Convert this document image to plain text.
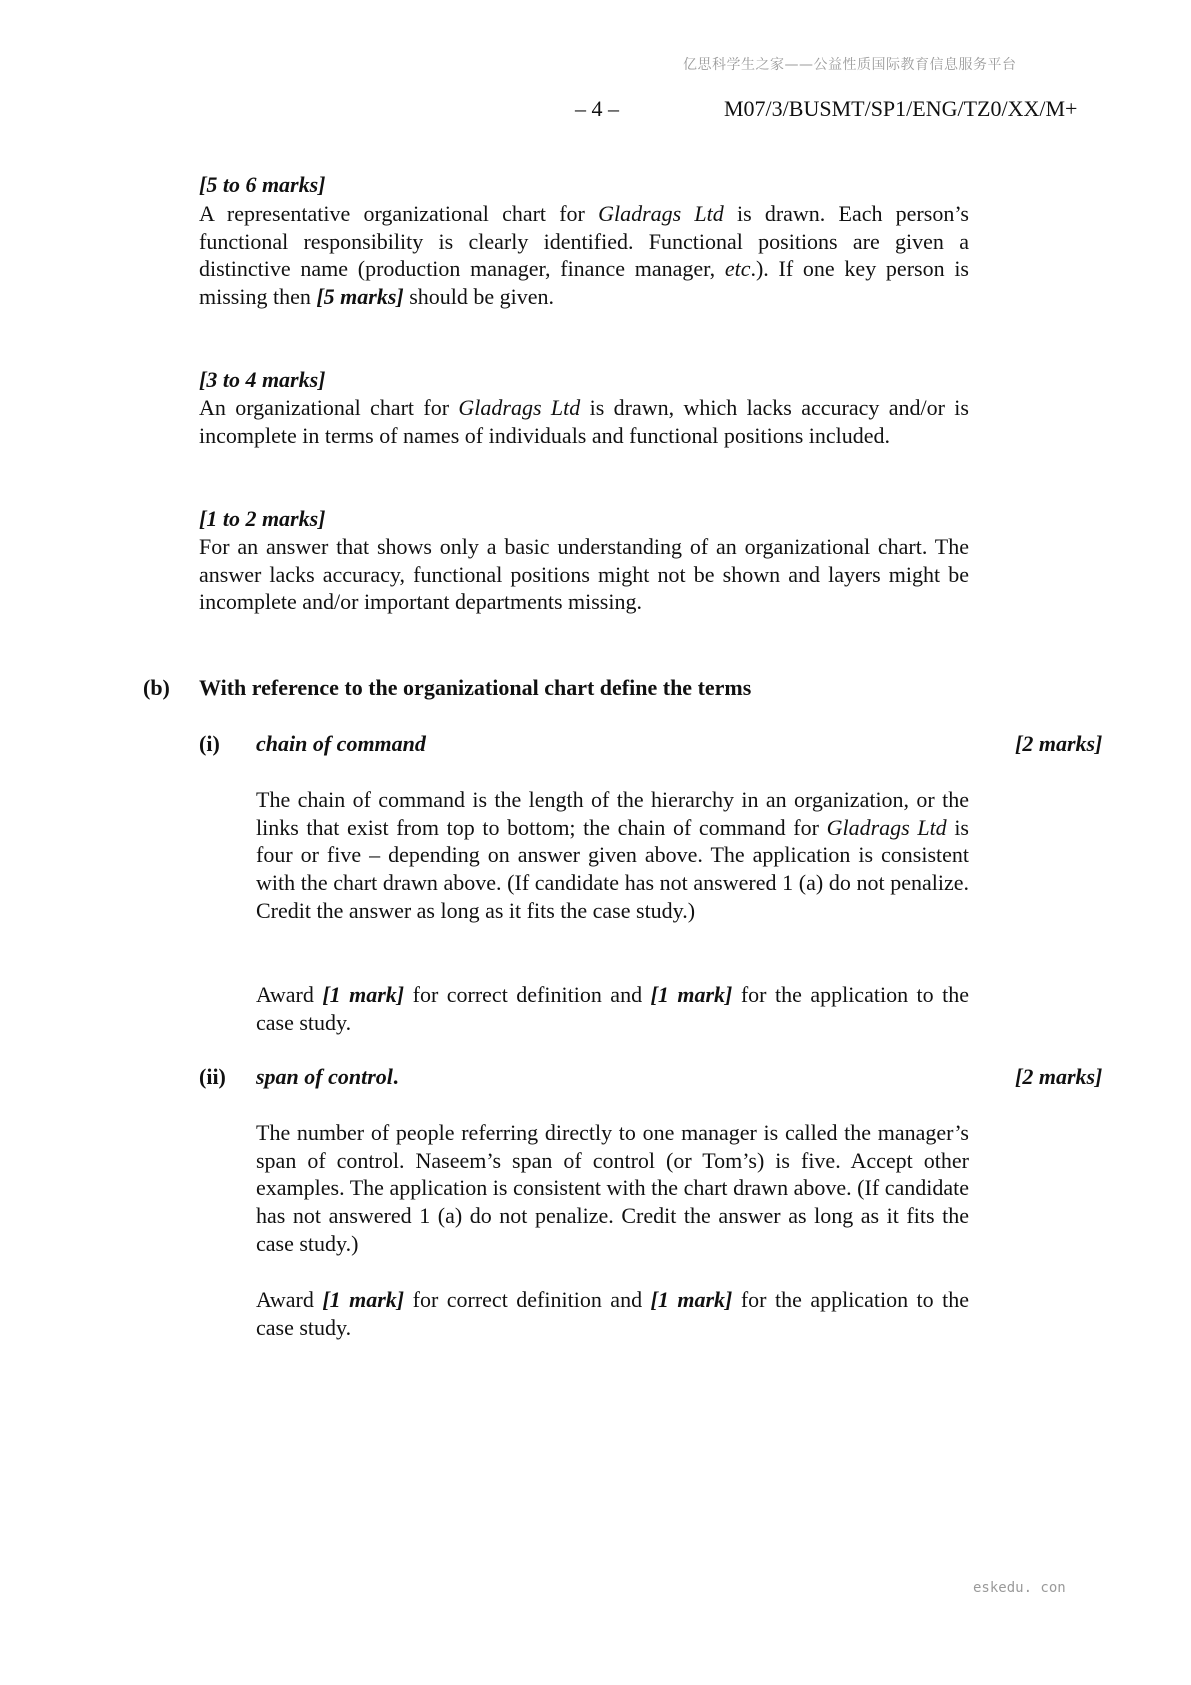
亿思科学生之家——公益性质国际教育信息服务平台
– 4 –	M07/3/BUSMT/SP1/ENG/TZ0/XX/M+
[5 to 6 marks]
A representative organizational chart for Gladrags Ltd is drawn. Each person’s functional responsibility is clearly identified. Functional positions are given a distinctive name (production manager, finance manager, etc.). If one key person is missing then [5 marks] should be given.
[3 to 4 marks]
An organizational chart for Gladrags Ltd is drawn, which lacks accuracy and/or is incomplete in terms of names of individuals and functional positions included.
[1 to 2 marks]
For an answer that shows only a basic understanding of an organizational chart. The answer lacks accuracy, functional positions might not be shown and layers might be incomplete and/or important departments missing.
(b) With reference to the organizational chart define the terms
(i) chain of command	[2 marks]
The chain of command is the length of the hierarchy in an organization, or the links that exist from top to bottom; the chain of command for Gladrags Ltd is four or five – depending on answer given above. The application is consistent with the chart drawn above. (If candidate has not answered 1 (a) do not penalize. Credit the answer as long as it fits the case study.)
Award [1 mark] for correct definition and [1 mark] for the application to the case study.
(ii) span of control.	[2 marks]
The number of people referring directly to one manager is called the manager’s span of control. Naseem’s span of control (or Tom’s) is five. Accept other examples. The application is consistent with the chart drawn above. (If candidate has not answered 1 (a) do not penalize. Credit the answer as long as it fits the case study.)
Award [1 mark] for correct definition and [1 mark] for the application to the case study.
eskedu. con
